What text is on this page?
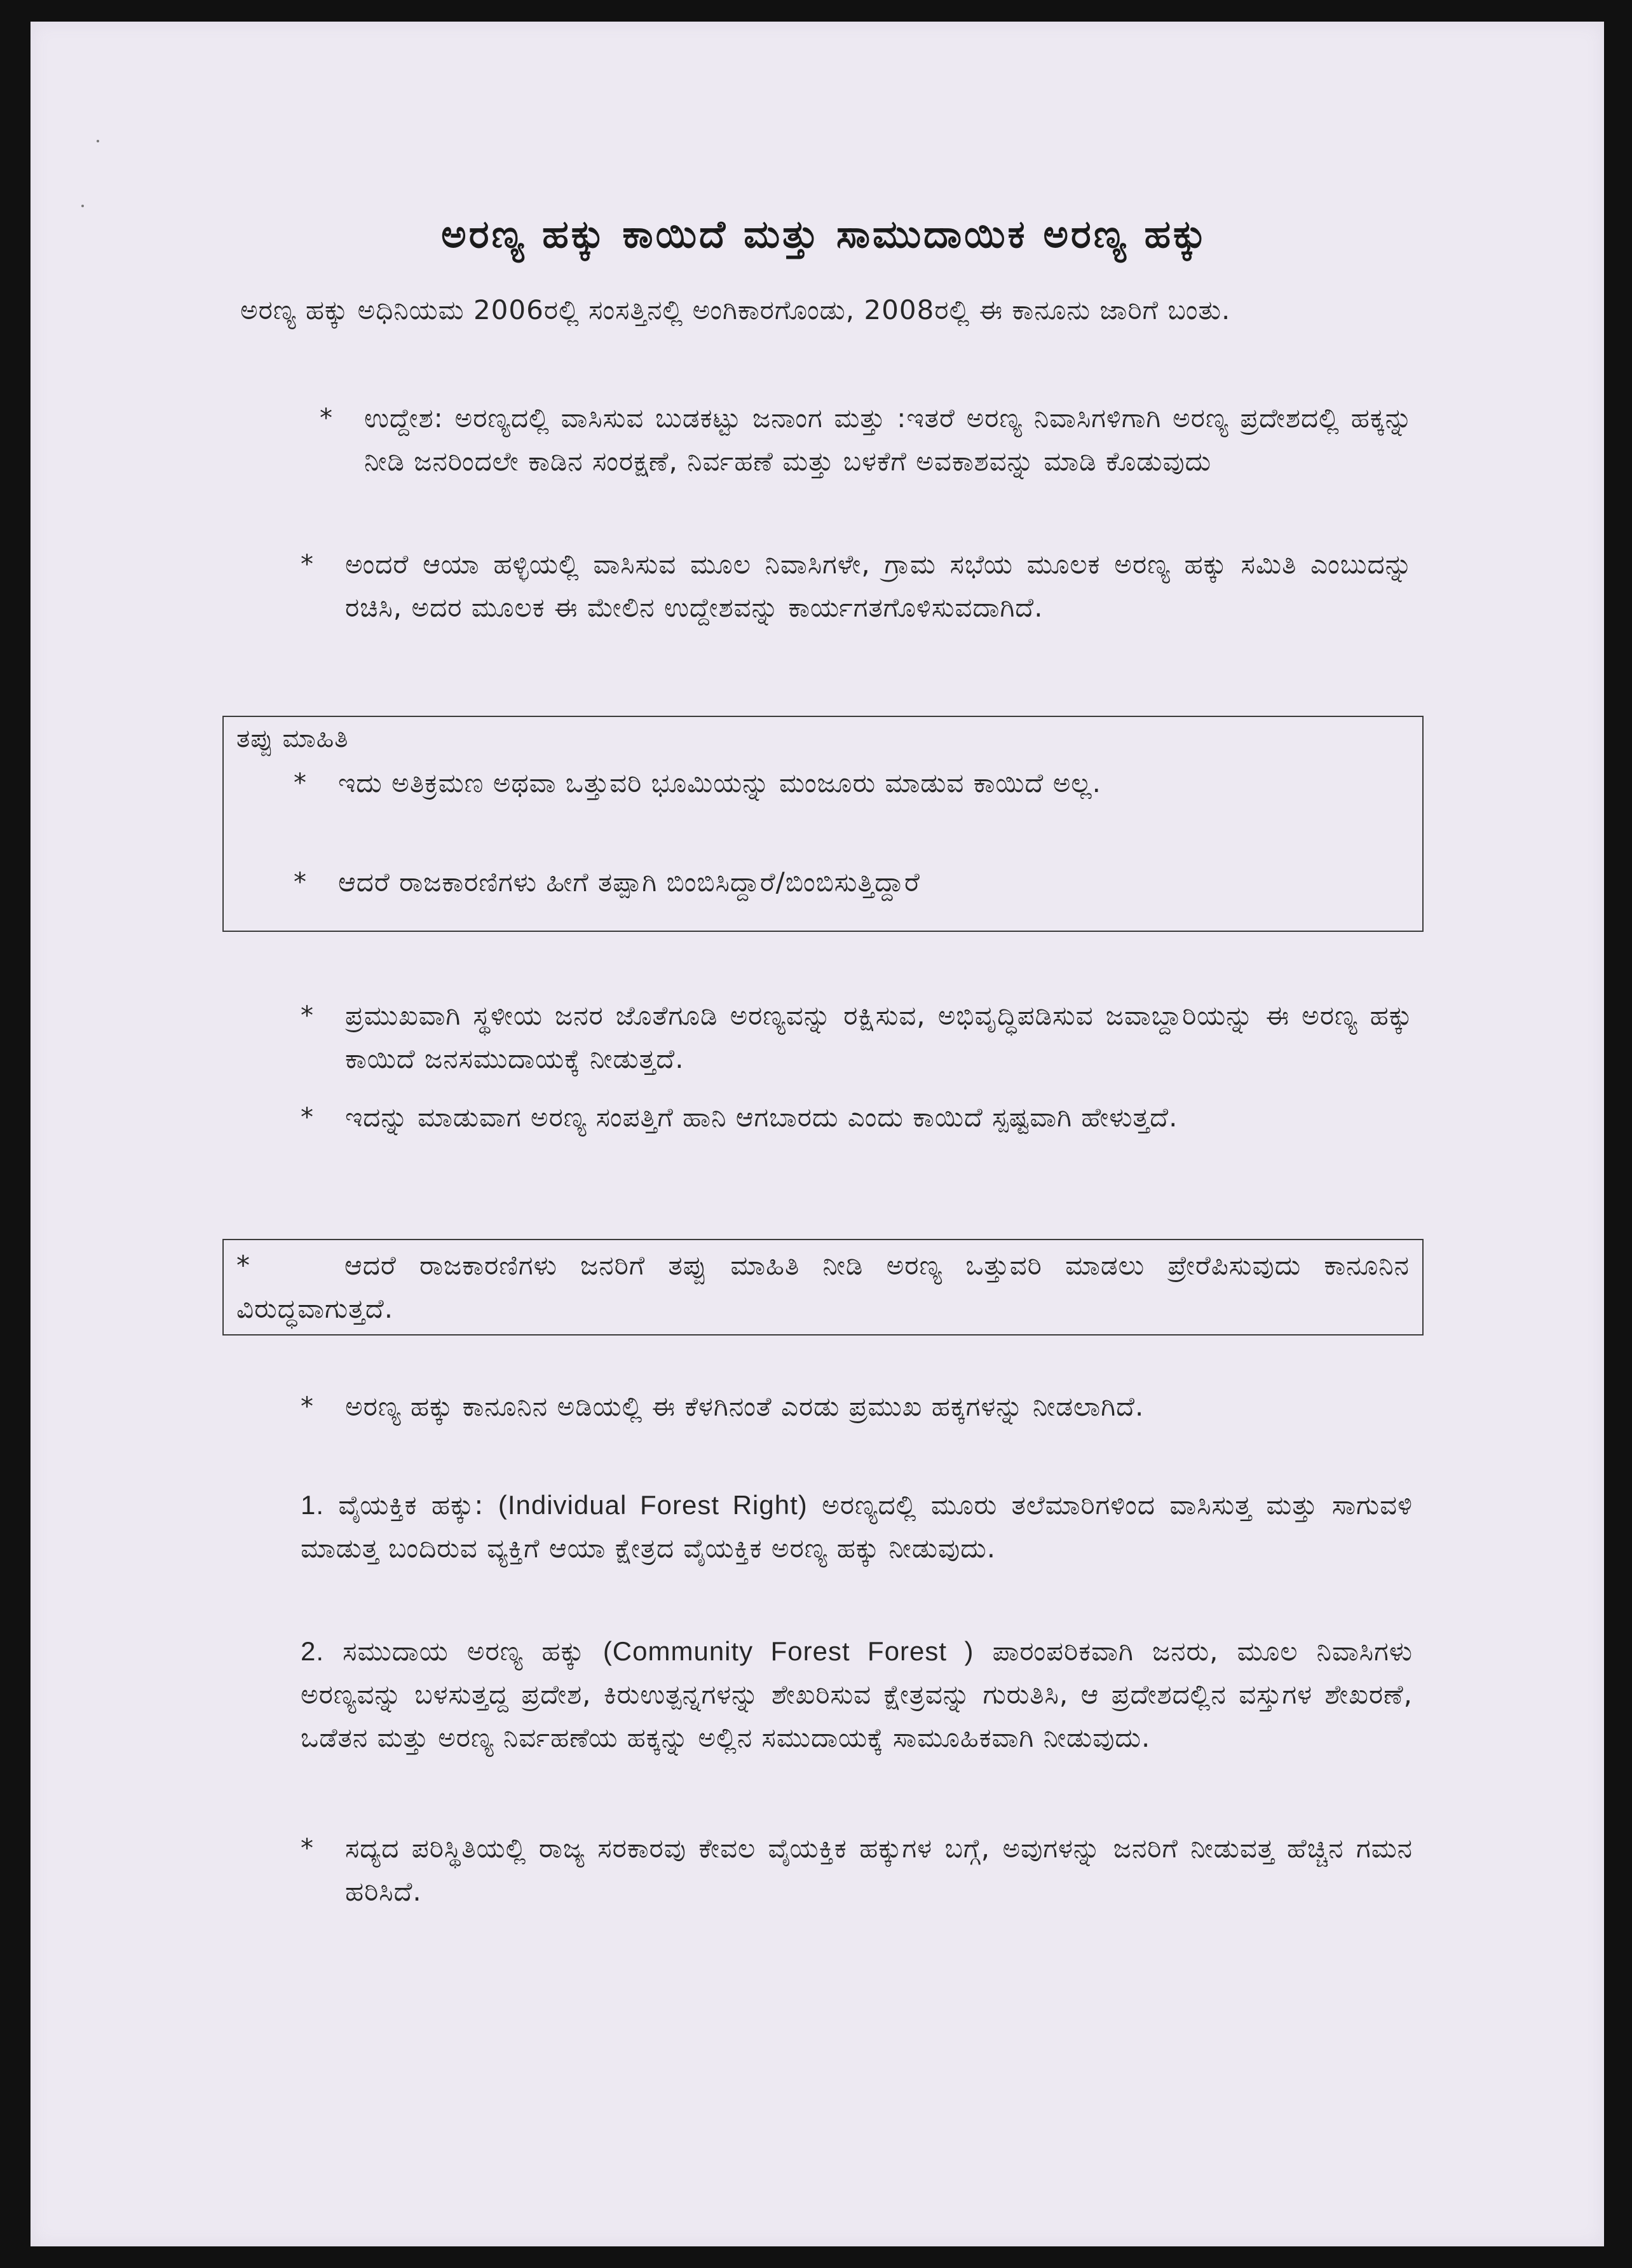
ಅರಣ್ಯ ಹಕ್ಕು ಕಾಯಿದೆ ಮತ್ತು ಸಾಮುದಾಯಿಕ ಅರಣ್ಯ ಹಕ್ಕು
ಅರಣ್ಯ ಹಕ್ಕು ಅಧಿನಿಯಮ 2006ರಲ್ಲಿ ಸಂಸತ್ತಿನಲ್ಲಿ ಅಂಗಿಕಾರಗೊಂಡು, 2008ರಲ್ಲಿ ಈ ಕಾನೂನು ಜಾರಿಗೆ ಬಂತು.
*	ಉದ್ದೇಶ: ಅರಣ್ಯದಲ್ಲಿ ವಾಸಿಸುವ ಬುಡಕಟ್ಟು ಜನಾಂಗ ಮತ್ತು :ಇತರೆ ಅರಣ್ಯ ನಿವಾಸಿಗಳಿಗಾಗಿ ಅರಣ್ಯ ಪ್ರದೇಶದಲ್ಲಿ ಹಕ್ಕನ್ನು ನೀಡಿ ಜನರಿಂದಲೇ ಕಾಡಿನ ಸಂರಕ್ಷಣೆ, ನಿರ್ವಹಣೆ ಮತ್ತು ಬಳಕೆಗೆ ಅವಕಾಶವನ್ನು ಮಾಡಿ ಕೊಡುವುದು
*	ಅಂದರೆ ಆಯಾ ಹಳ್ಳಿಯಲ್ಲಿ ವಾಸಿಸುವ ಮೂಲ ನಿವಾಸಿಗಳೇ, ಗ್ರಾಮ ಸಭೆಯ ಮೂಲಕ ಅರಣ್ಯ ಹಕ್ಕು ಸಮಿತಿ ಎಂಬುದನ್ನು ರಚಿಸಿ, ಅದರ ಮೂಲಕ ಈ ಮೇಲಿನ ಉದ್ದೇಶವನ್ನು ಕಾರ್ಯಗತಗೊಳಿಸುವದಾಗಿದೆ.
ತಪ್ಪು ಮಾಹಿತಿ
*	ಇದು ಅತಿಕ್ರಮಣ ಅಥವಾ ಒತ್ತುವರಿ ಭೂಮಿಯನ್ನು ಮಂಜೂರು ಮಾಡುವ ಕಾಯಿದೆ ಅಲ್ಲ.
*	ಆದರೆ ರಾಜಕಾರಣಿಗಳು ಹೀಗೆ ತಪ್ಪಾಗಿ ಬಿಂಬಿಸಿದ್ದಾರೆ/ಬಿಂಬಿಸುತ್ತಿದ್ದಾರೆ
*	ಪ್ರಮುಖವಾಗಿ ಸ್ಥಳೀಯ ಜನರ ಜೊತೆಗೂಡಿ ಅರಣ್ಯವನ್ನು ರಕ್ಷಿಸುವ, ಅಭಿವೃದ್ಧಿಪಡಿಸುವ ಜವಾಬ್ದಾರಿಯನ್ನು ಈ ಅರಣ್ಯ ಹಕ್ಕು ಕಾಯಿದೆ ಜನಸಮುದಾಯಕ್ಕೆ ನೀಡುತ್ತದೆ.
*	ಇದನ್ನು ಮಾಡುವಾಗ ಅರಣ್ಯ ಸಂಪತ್ತಿಗೆ ಹಾನಿ ಆಗಬಾರದು ಎಂದು ಕಾಯಿದೆ ಸ್ಪಷ್ಟವಾಗಿ ಹೇಳುತ್ತದೆ.
*	ಆದರೆ ರಾಜಕಾರಣಿಗಳು ಜನರಿಗೆ ತಪ್ಪು ಮಾಹಿತಿ ನೀಡಿ ಅರಣ್ಯ ಒತ್ತುವರಿ ಮಾಡಲು ಪ್ರೇರೆಪಿಸುವುದು ಕಾನೂನಿನ ವಿರುದ್ಧವಾಗುತ್ತದೆ.
*	ಅರಣ್ಯ ಹಕ್ಕು ಕಾನೂನಿನ ಅಡಿಯಲ್ಲಿ ಈ ಕೆಳಗಿನಂತೆ ಎರಡು ಪ್ರಮುಖ ಹಕ್ಕಗಳನ್ನು ನೀಡಲಾಗಿದೆ.
1. ವೈಯಕ್ತಿಕ ಹಕ್ಕು: (Individual Forest Right) ಅರಣ್ಯದಲ್ಲಿ ಮೂರು ತಲೆಮಾರಿಗಳಿಂದ ವಾಸಿಸುತ್ತ ಮತ್ತು ಸಾಗುವಳಿ ಮಾಡುತ್ತ ಬಂದಿರುವ ವ್ಯಕ್ತಿಗೆ ಆಯಾ ಕ್ಷೇತ್ರದ ವೈಯಕ್ತಿಕ ಅರಣ್ಯ ಹಕ್ಕು ನೀಡುವುದು.
2. ಸಮುದಾಯ ಅರಣ್ಯ ಹಕ್ಕು (Community Forest Forest ) ಪಾರಂಪರಿಕವಾಗಿ ಜನರು, ಮೂಲ ನಿವಾಸಿಗಳು ಅರಣ್ಯವನ್ನು ಬಳಸುತ್ತದ್ದ ಪ್ರದೇಶ, ಕಿರುಉತ್ಪನ್ನಗಳನ್ನು ಶೇಖರಿಸುವ ಕ್ಷೇತ್ರವನ್ನು ಗುರುತಿಸಿ, ಆ ಪ್ರದೇಶದಲ್ಲಿನ ವಸ್ತುಗಳ ಶೇಖರಣೆ, ಒಡೆತನ ಮತ್ತು ಅರಣ್ಯ ನಿರ್ವಹಣೆಯ ಹಕ್ಕನ್ನು ಅಲ್ಲಿನ ಸಮುದಾಯಕ್ಕೆ ಸಾಮೂಹಿಕವಾಗಿ ನೀಡುವುದು.
*	ಸದ್ಯದ ಪರಿಸ್ಥಿತಿಯಲ್ಲಿ ರಾಜ್ಯ ಸರಕಾರವು ಕೇವಲ ವೈಯಕ್ತಿಕ ಹಕ್ಕುಗಳ ಬಗ್ಗೆ, ಅವುಗಳನ್ನು ಜನರಿಗೆ ನೀಡುವತ್ತ ಹೆಚ್ಚಿನ ಗಮನ ಹರಿಸಿದೆ.
